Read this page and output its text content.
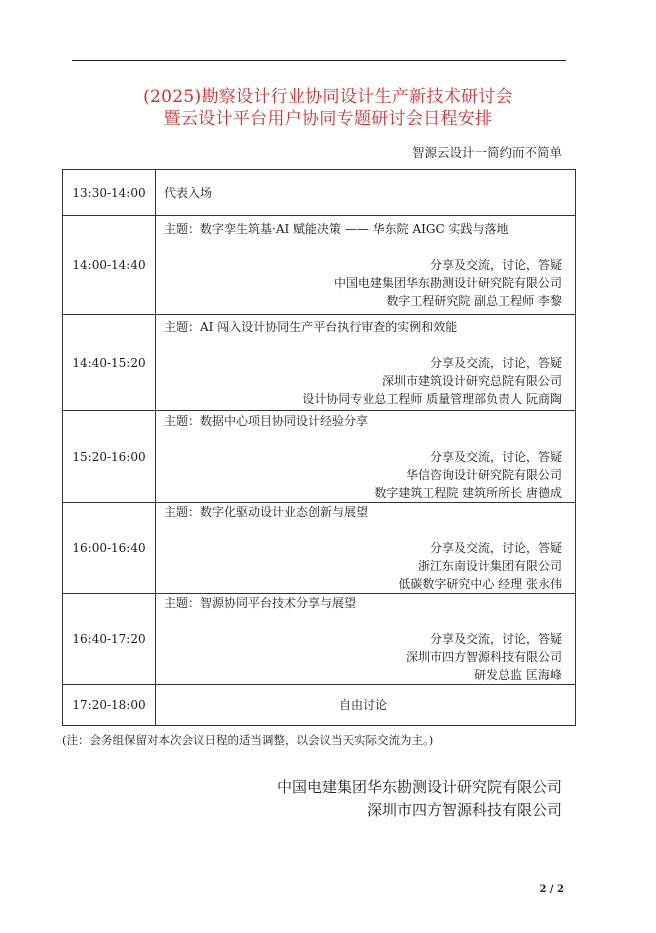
(2025)勘察设计行业协同设计生产新技术研讨会
暨云设计平台用户协同专题研讨会日程安排
智源云设计一简约而不简单
13:30-14:00	代表入场
14:00-14:40	主题：数字孪生筑基·AI 赋能决策 —— 华东院 AIGC 实践与落地
分享及交流，讨论，答疑
中国电建集团华东勘测设计研究院有限公司
数字工程研究院 副总工程师 李黎

14:40-15:20	主题：AI 闯入设计协同生产平台执行审查的实例和效能
分享及交流，讨论，答疑
深圳市建筑设计研究总院有限公司
设计协同专业总工程师 质量管理部负责人 阮商陶

15:20-16:00	主题：数据中心项目协同设计经验分享
分享及交流，讨论，答疑
华信咨询设计研究院有限公司
数字建筑工程院 建筑所所长 唐德成

16:00-16:40	主题：数字化驱动设计业态创新与展望
分享及交流，讨论，答疑
浙江东南设计集团有限公司
低碳数字研究中心 经理 张永伟

16:40-17:20	主题：智源协同平台技术分享与展望
分享及交流，讨论，答疑
深圳市四方智源科技有限公司
研发总监 匡海峰

17:20-18:00	自由讨论
(注：会务组保留对本次会议日程的适当调整，以会议当天实际交流为主。)
中国电建集团华东勘测设计研究院有限公司
深圳市四方智源科技有限公司
2 / 2
